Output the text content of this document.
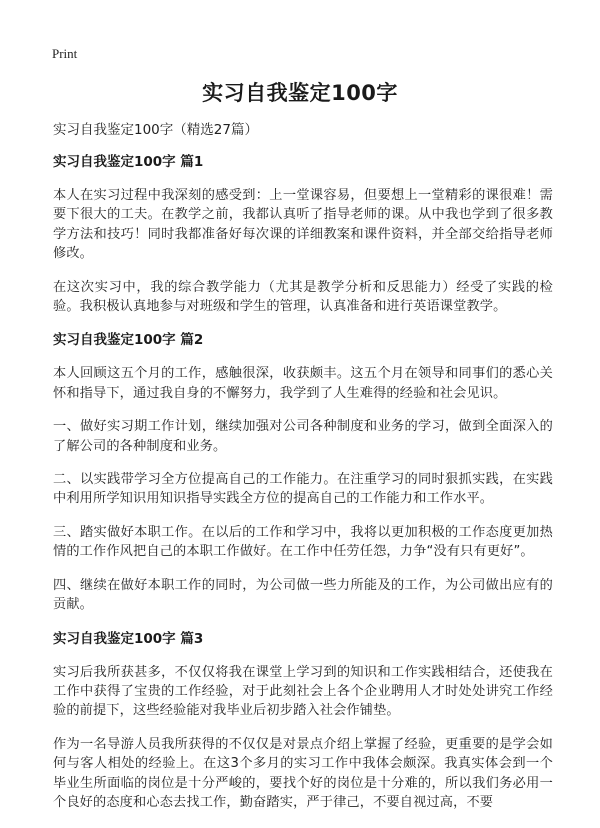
Print
实习自我鉴定100字

实习自我鉴定100字（精选27篇）

实习自我鉴定100字 篇1

本人在实习过程中我深刻的感受到：上一堂课容易，但要想上一堂精彩的课很难！需要下很大的工夫。在教学之前，我都认真听了指导老师的课。从中我也学到了很多教学方法和技巧！同时我都准备好每次课的详细教案和课件资料，并全部交给指导老师修改。

在这次实习中，我的综合教学能力（尤其是教学分析和反思能力）经受了实践的检验。我积极认真地参与对班级和学生的管理，认真准备和进行英语课堂教学。

实习自我鉴定100字 篇2

本人回顾这五个月的工作，感触很深，收获颇丰。这五个月在领导和同事们的悉心关怀和指导下，通过我自身的不懈努力，我学到了人生难得的经验和社会见识。

一、做好实习期工作计划，继续加强对公司各种制度和业务的学习，做到全面深入的了解公司的各种制度和业务。

二、以实践带学习全方位提高自己的工作能力。在注重学习的同时狠抓实践，在实践中利用所学知识用知识指导实践全方位的提高自己的工作能力和工作水平。

三、踏实做好本职工作。在以后的工作和学习中，我将以更加积极的工作态度更加热情的工作作风把自己的本职工作做好。在工作中任劳任怨，力争“没有只有更好”。

四、继续在做好本职工作的同时，为公司做一些力所能及的工作，为公司做出应有的贡献。

实习自我鉴定100字 篇3

实习后我所获甚多，不仅仅将我在课堂上学习到的知识和工作实践相结合，还使我在工作中获得了宝贵的工作经验，对于此刻社会上各个企业聘用人才时处处讲究工作经验的前提下，这些经验能对我毕业后初步踏入社会作铺垫。

作为一名导游人员我所获得的不仅仅是对景点介绍上掌握了经验，更重要的是学会如何与客人相处的经验上。在这3个多月的实习工作中我体会颇深。我真实体会到一个毕业生所面临的岗位是十分严峻的，要找个好的岗位是十分难的，所以我们务必用一个良好的态度和心态去找工作，勤奋踏实，严于律己，不要自视过高，不要
